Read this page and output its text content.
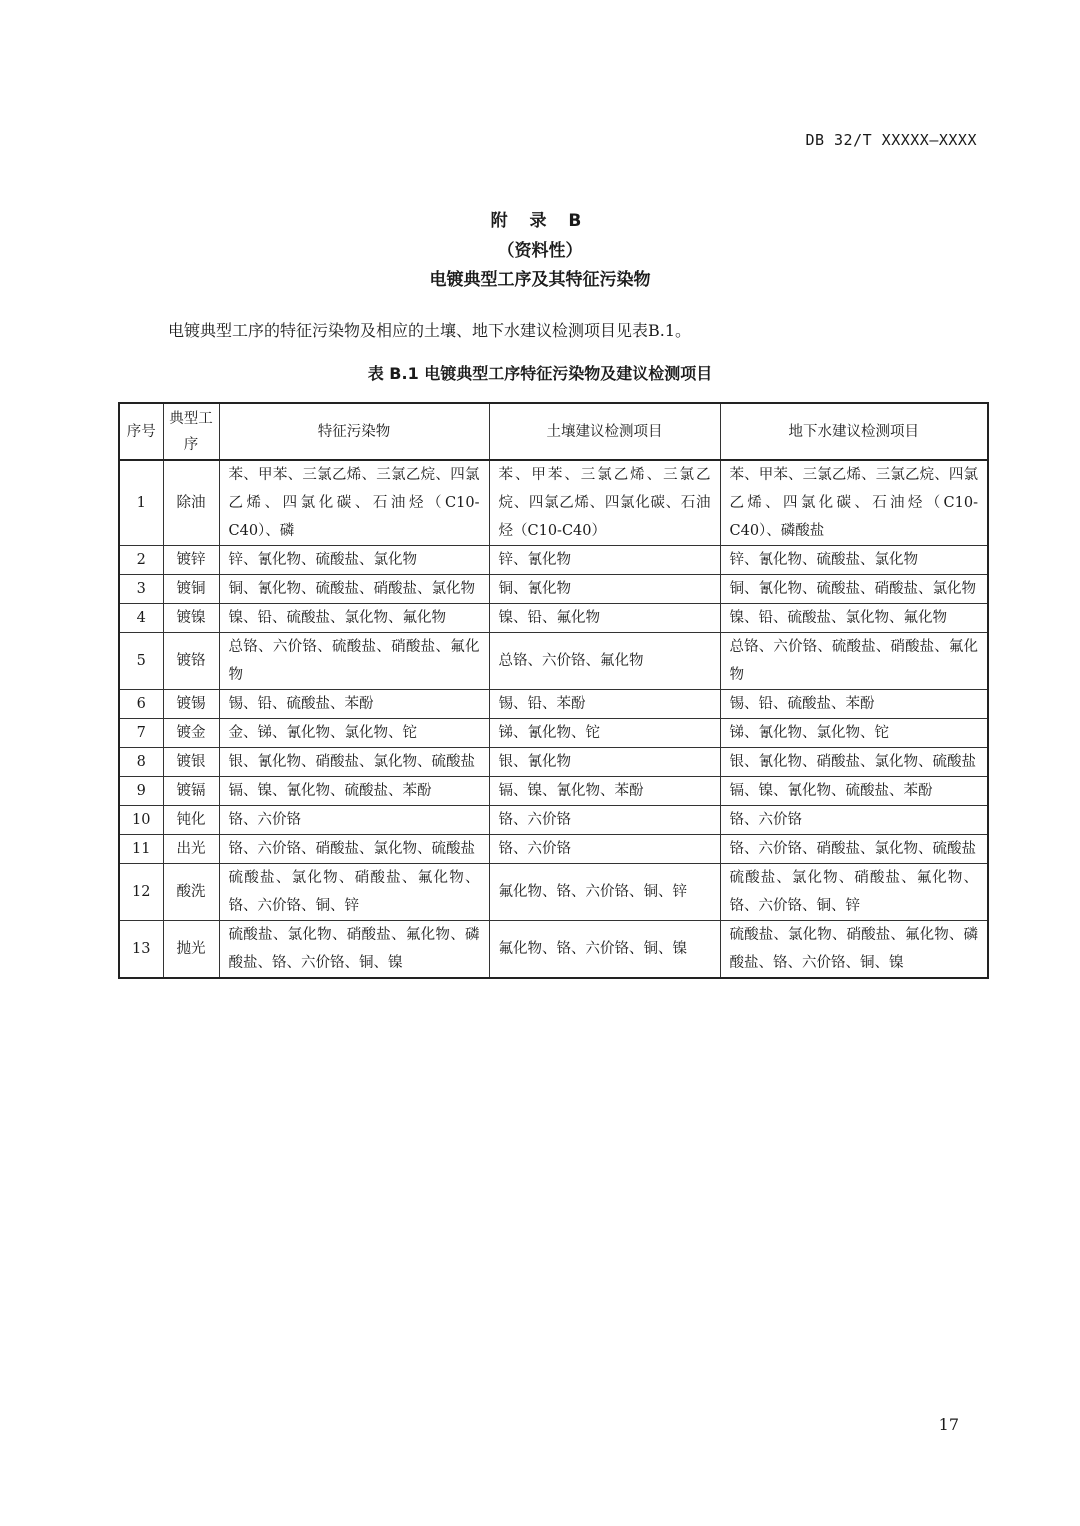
DB 32/T XXXXX—XXXX
附 录 B
（资料性）
电镀典型工序及其特征污染物
电镀典型工序的特征污染物及相应的土壤、地下水建议检测项目见表B.1。
表 B.1 电镀典型工序特征污染物及建议检测项目
序号	典型工序	特征污染物	土壤建议检测项目	地下水建议检测项目
1	除油	苯、甲苯、三氯乙烯、三氯乙烷、四氯乙烯、四氯化碳、石油烃（C10-C40）、磷	苯、甲苯、三氯乙烯、三氯乙烷、四氯乙烯、四氯化碳、石油烃（C10-C40）	苯、甲苯、三氯乙烯、三氯乙烷、四氯乙烯、四氯化碳、石油烃（C10-C40）、磷酸盐
2	镀锌	锌、氰化物、硫酸盐、氯化物	锌、氰化物	锌、氰化物、硫酸盐、氯化物
3	镀铜	铜、氰化物、硫酸盐、硝酸盐、氯化物	铜、氰化物	铜、氰化物、硫酸盐、硝酸盐、氯化物
4	镀镍	镍、铅、硫酸盐、氯化物、氟化物	镍、铅、氟化物	镍、铅、硫酸盐、氯化物、氟化物
5	镀铬	总铬、六价铬、硫酸盐、硝酸盐、氟化物	总铬、六价铬、氟化物	总铬、六价铬、硫酸盐、硝酸盐、氟化物
6	镀锡	锡、铅、硫酸盐、苯酚	锡、铅、苯酚	锡、铅、硫酸盐、苯酚
7	镀金	金、锑、氰化物、氯化物、铊	锑、氰化物、铊	锑、氰化物、氯化物、铊
8	镀银	银、氰化物、硝酸盐、氯化物、硫酸盐	银、氰化物	银、氰化物、硝酸盐、氯化物、硫酸盐
9	镀镉	镉、镍、氰化物、硫酸盐、苯酚	镉、镍、氰化物、苯酚	镉、镍、氰化物、硫酸盐、苯酚
10	钝化	铬、六价铬	铬、六价铬	铬、六价铬
11	出光	铬、六价铬、硝酸盐、氯化物、硫酸盐	铬、六价铬	铬、六价铬、硝酸盐、氯化物、硫酸盐
12	酸洗	硫酸盐、氯化物、硝酸盐、氟化物、铬、六价铬、铜、锌	氟化物、铬、六价铬、铜、锌	硫酸盐、氯化物、硝酸盐、氟化物、铬、六价铬、铜、锌
13	抛光	硫酸盐、氯化物、硝酸盐、氟化物、磷酸盐、铬、六价铬、铜、镍	氟化物、铬、六价铬、铜、镍	硫酸盐、氯化物、硝酸盐、氟化物、磷酸盐、铬、六价铬、铜、镍
17
